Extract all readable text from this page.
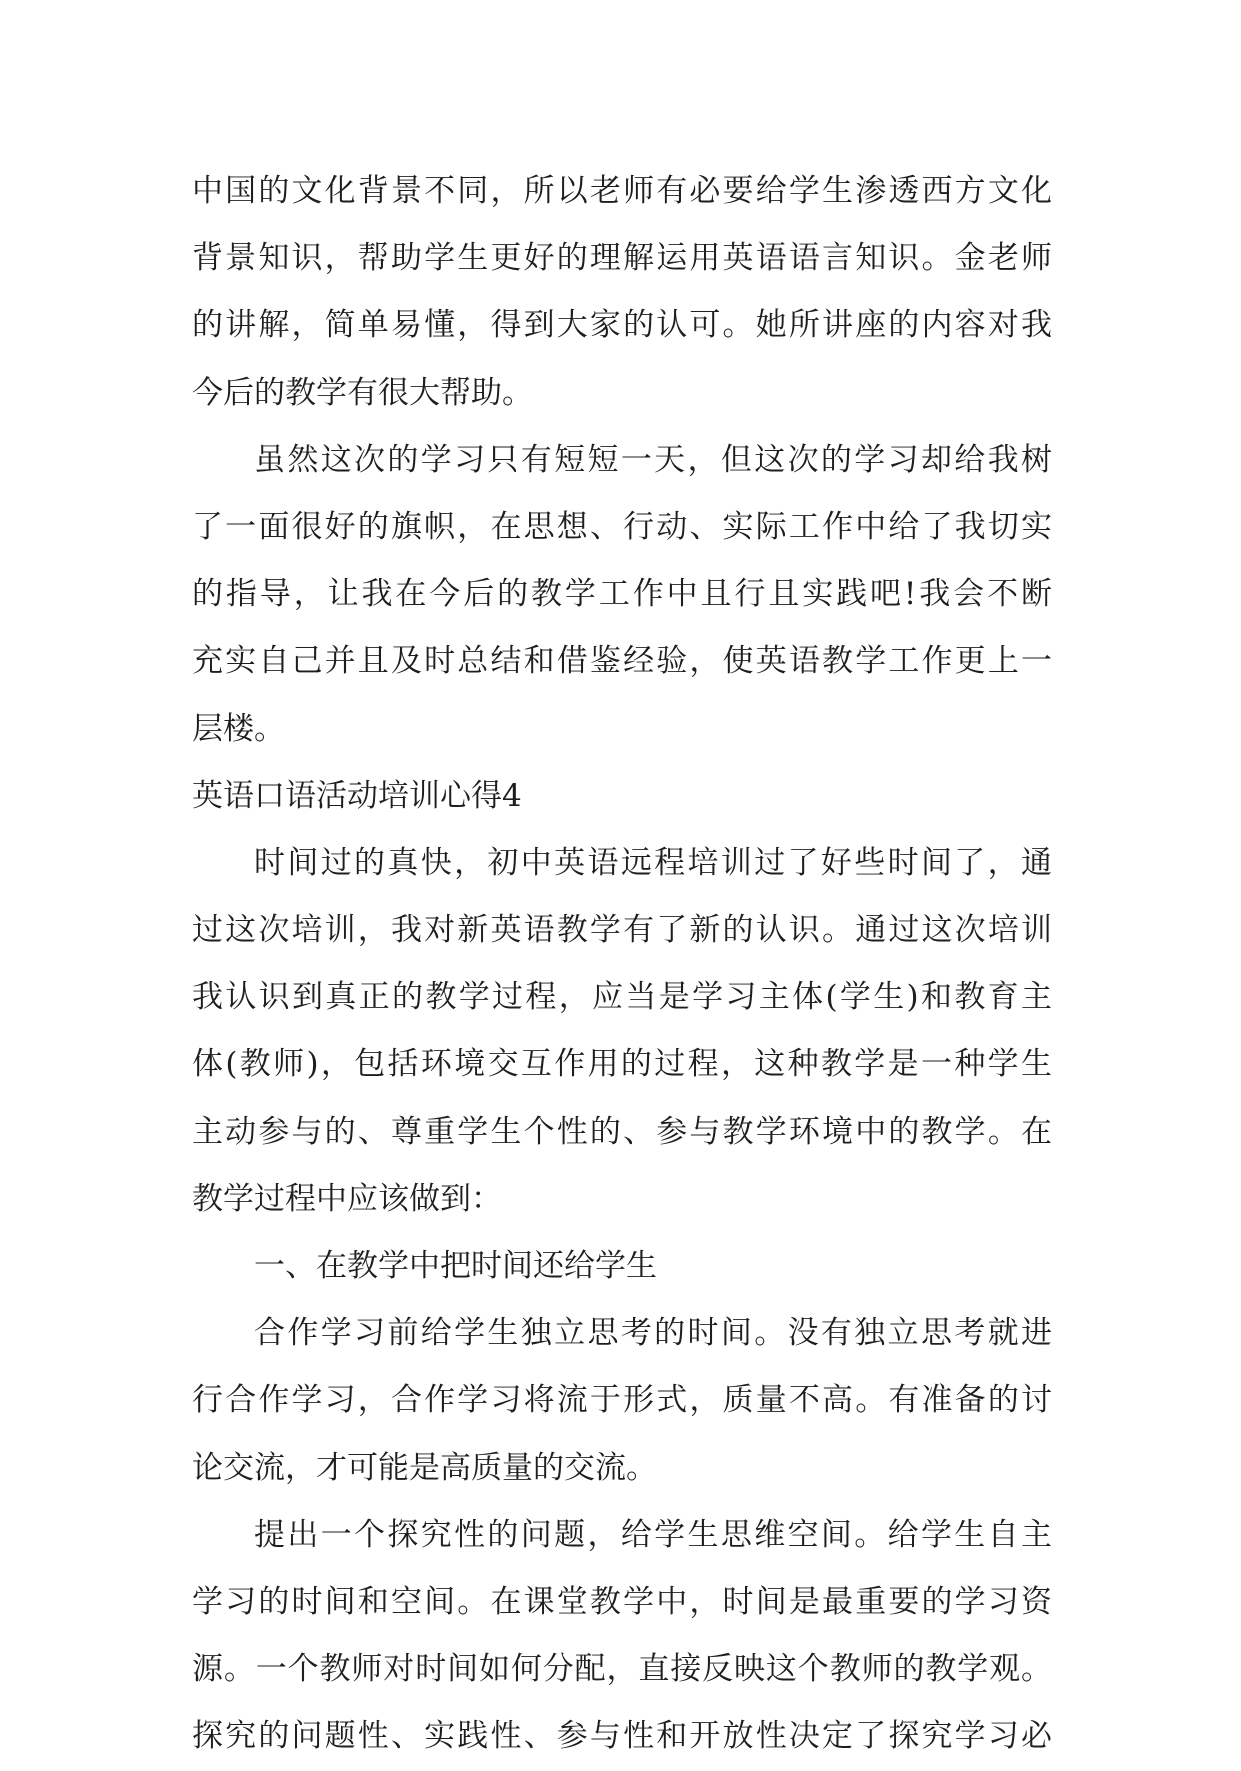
中国的文化背景不同，所以老师有必要给学生渗透西方文化
背景知识，帮助学生更好的理解运用英语语言知识。金老师
的讲解，简单易懂，得到大家的认可。她所讲座的内容对我
今后的教学有很大帮助。
虽然这次的学习只有短短一天，但这次的学习却给我树
了一面很好的旗帜，在思想、行动、实际工作中给了我切实
的指导，让我在今后的教学工作中且行且实践吧!我会不断
充实自己并且及时总结和借鉴经验，使英语教学工作更上一
层楼。
英语口语活动培训心得4
时间过的真快，初中英语远程培训过了好些时间了，通
过这次培训，我对新英语教学有了新的认识。通过这次培训
我认识到真正的教学过程，应当是学习主体(学生)和教育主
体(教师)，包括环境交互作用的过程，这种教学是一种学生
主动参与的、尊重学生个性的、参与教学环境中的教学。在
教学过程中应该做到：
一、在教学中把时间还给学生
合作学习前给学生独立思考的时间。没有独立思考就进
行合作学习，合作学习将流于形式，质量不高。有准备的讨
论交流，才可能是高质量的交流。
提出一个探究性的问题，给学生思维空间。给学生自主
学习的时间和空间。在课堂教学中，时间是最重要的学习资
源。一个教师对时间如何分配，直接反映这个教师的教学观。
探究的问题性、实践性、参与性和开放性决定了探究学习必
